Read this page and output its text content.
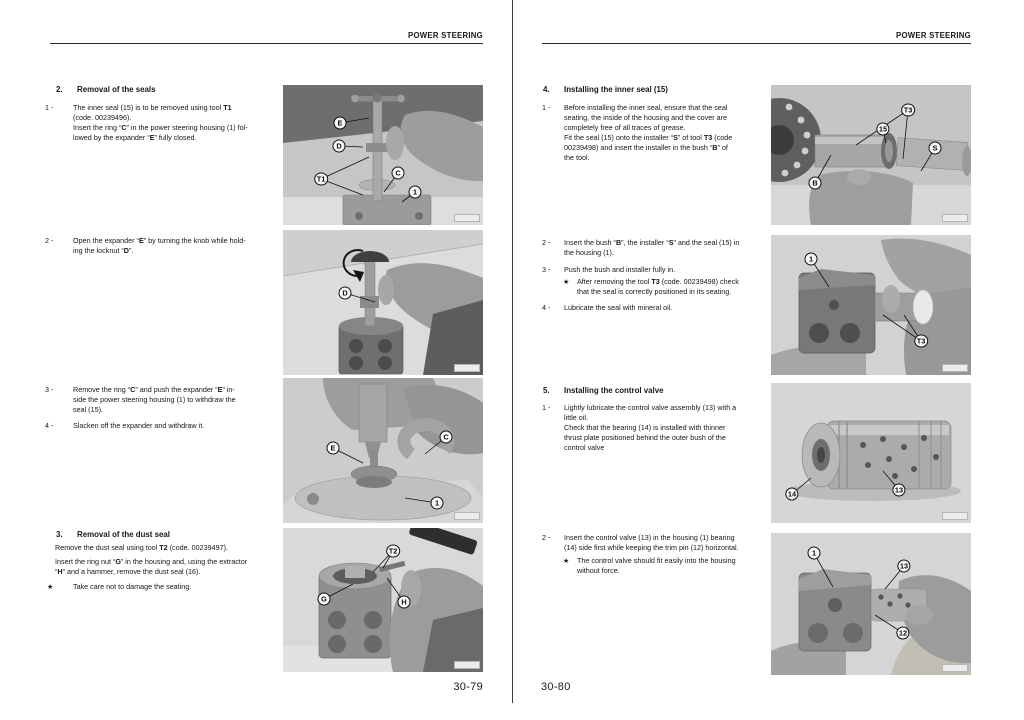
POWER STEERING
2.	Removal of the seals
1 -	The inner seal (15) is to be removed using tool T1
(code. 00239496).
Insert the ring “C” in the power steering housing (1) fol-
lowed by the expander “E” fully closed.
2 -	Open the expander “E” by turning the knob while hold-
ing the locknut “D”.
3 -	Remove the ring “C” and push the expander “E” in-
side the power steering housing (1) to withdraw the
seal (15).
4 -	Slacken off the expander and withdraw it.
3.	Removal of the dust seal
Remove the dust seal using tool T2 (code. 00239497).
Insert the ring nut “G” in the housing and, using the extractor
“H” and a hammer, remove the dust seal (16).
★	Take care not to damage the seating.
30-79
E
D
T1
C
1
D
E
C
1
T2
G	H
POWER STEERING
4.	Installing the inner seal (15)
1 -	Before installing the inner seal, ensure that the seal
seating, the inside of the housing and the cover are
completely free of all traces of grease.
Fit the seal (15) onto the installer “S” of tool T3 (code
00239498) and insert the installer in the bush “B” of
the tool.
2 -	Insert the bush “B”, the installer “S” and the seal (15) in
the housing (1).
3 -	Push the bush and installer fully in.
★	After removing the tool T3 (code. 00239498) check
that the seal is correctly positioned in its seating.
4 -	Lubricate the seal with mineral oil.
5.	Installing the control valve
1 -	Lightly lubricate the control valve assembly (13) with a
little oil.
Check that the bearing (14) is installed with thinner
thrust plate positioned behind the outer bush of the
control valve
2 -	Insert the control valve (13) in the housing (1) bearing
(14) side first while keeping the trim pin (12) horizontal.
★	The control valve should fit easily into the housing
without force.
30-80
T3
15
S
B
1
T3
14	13
1
13
12
